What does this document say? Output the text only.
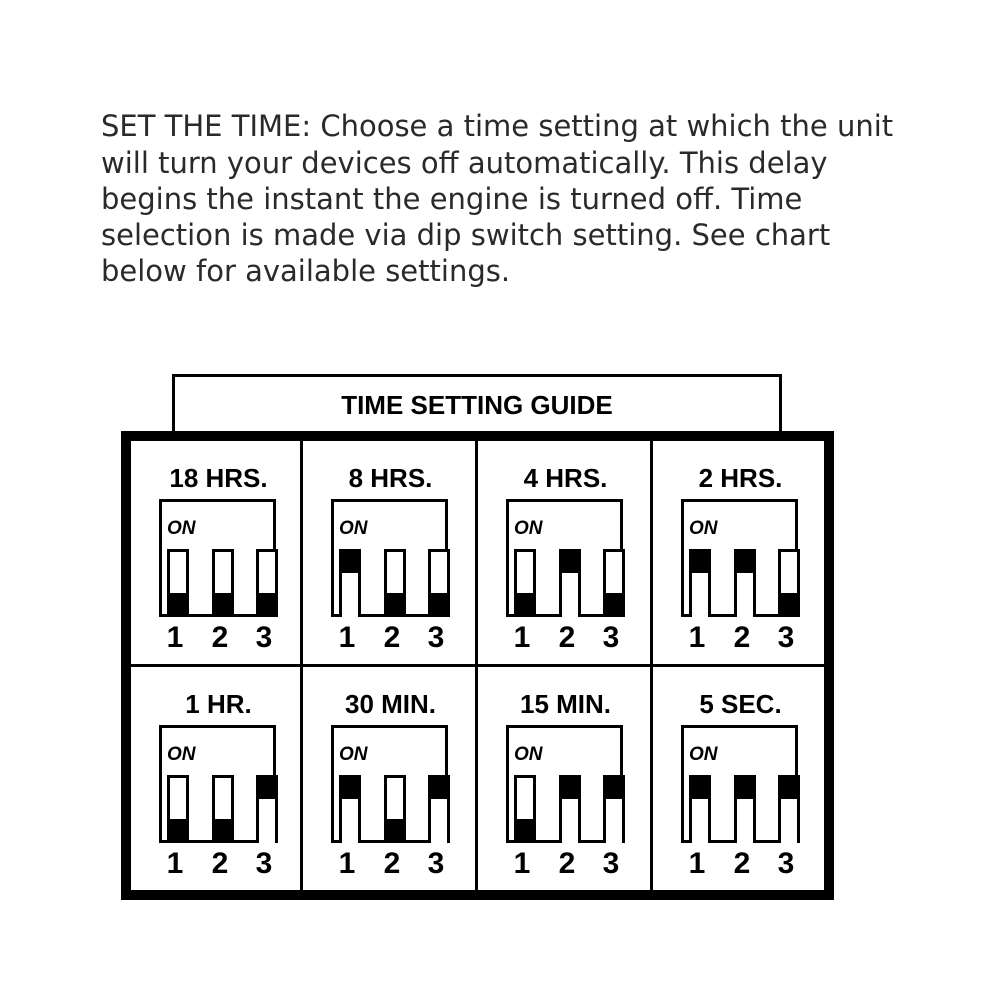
SET THE TIME: Choose a time setting at which the unit

will turn your devices off automatically. This delay begins the instant the engine is turned off. Time selection is made via dip switch setting. See chart below for available settings.

TIME SETTING GUIDE
18 HRS.
ON
1 2 3
8 HRS.
ON
1 2 3
4 HRS.
ON
1 2 3
2 HRS.
ON
1 2 3
1 HR.
ON
1 2 3
30 MIN.
ON
1 2 3
15 MIN.
ON
1 2 3
5 SEC.
ON
1 2 3
